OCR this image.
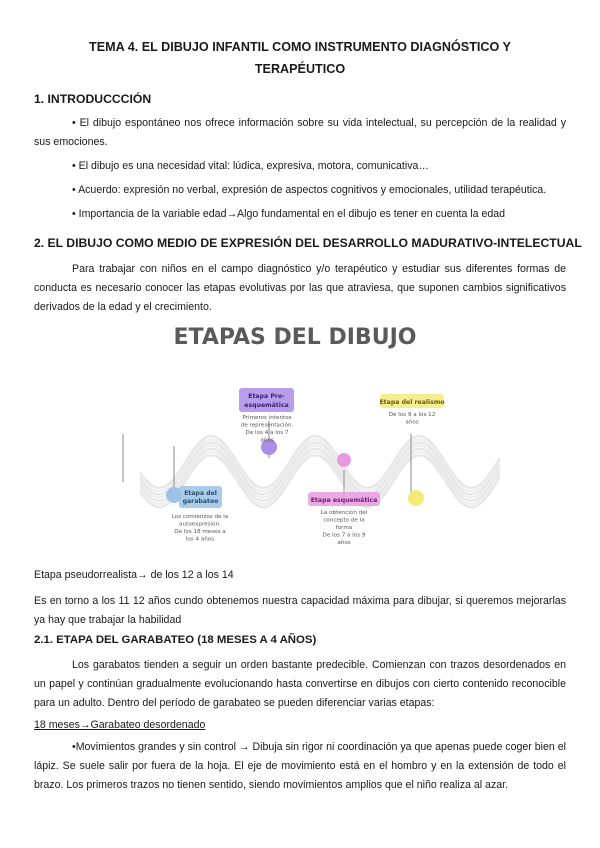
TEMA 4. EL DIBUJO INFANTIL COMO INSTRUMENTO DIAGNÓSTICO Y
TERAPÉUTICO
1. INTRODUCCCIÓN
• El dibujo espontáneo nos ofrece información sobre su vida intelectual, su percepción de la realidad y sus emociones.
• El dibujo es una necesidad vital: lúdica, expresiva, motora, comunicativa…
• Acuerdo: expresión no verbal, expresión de aspectos cognitivos y emocionales, utilidad terapéutica.
• Importancia de la variable edad→Algo fundamental en el dibujo es tener en cuenta la edad
2. EL DIBUJO COMO MEDIO DE EXPRESIÓN DEL DESARROLLO MADURATIVO-INTELECTUAL
Para trabajar con niños en el campo diagnóstico y/o terapéutico y estudiar sus diferentes formas de conducta es necesario conocer las etapas evolutivas por las que atraviesa, que suponen cambios significativos derivados de la edad y el crecimiento.
Etapa pseudorrealista→ de los 12 a los 14
Es en torno a los 11 12 años cundo obtenemos nuestra capacidad máxima para dibujar, si queremos mejorarlas ya hay que trabajar la habilidad
2.1. ETAPA DEL GARABATEO (18 MESES A 4 AÑOS)
Los garabatos tienden a seguir un orden bastante predecible. Comienzan con trazos desordenados en un papel y continúan gradualmente evolucionando hasta convertirse en dibujos con cierto contenido reconocible para un adulto. Dentro del período de garabateo se pueden diferenciar varias etapas:
18 meses→Garabateo desordenado
•Movimientos grandes y sin control → Dibuja sin rigor ni coordinación ya que apenas puede coger bien el lápiz. Se suele salir por fuera de la hoja. El eje de movimiento está en el hombro y en la extensión de todo el brazo. Los primeros trazos no tienen sentido, siendo movimientos amplios que el niño realiza al azar.
ETAPAS DEL DIBUJO
Etapa del
garabateo
Los comienzos de la
autoexpresión.
De los 18 meses a
los 4 años
Etapa Pre-
esquemática
Primeros intentos
de representación.
De los 4 a los 7
años
Etapa esquemática
La obtención del
concepto de la
forma
De los 7 a los 9
años
Etapa del realismo
De los 9 a los 12
años
